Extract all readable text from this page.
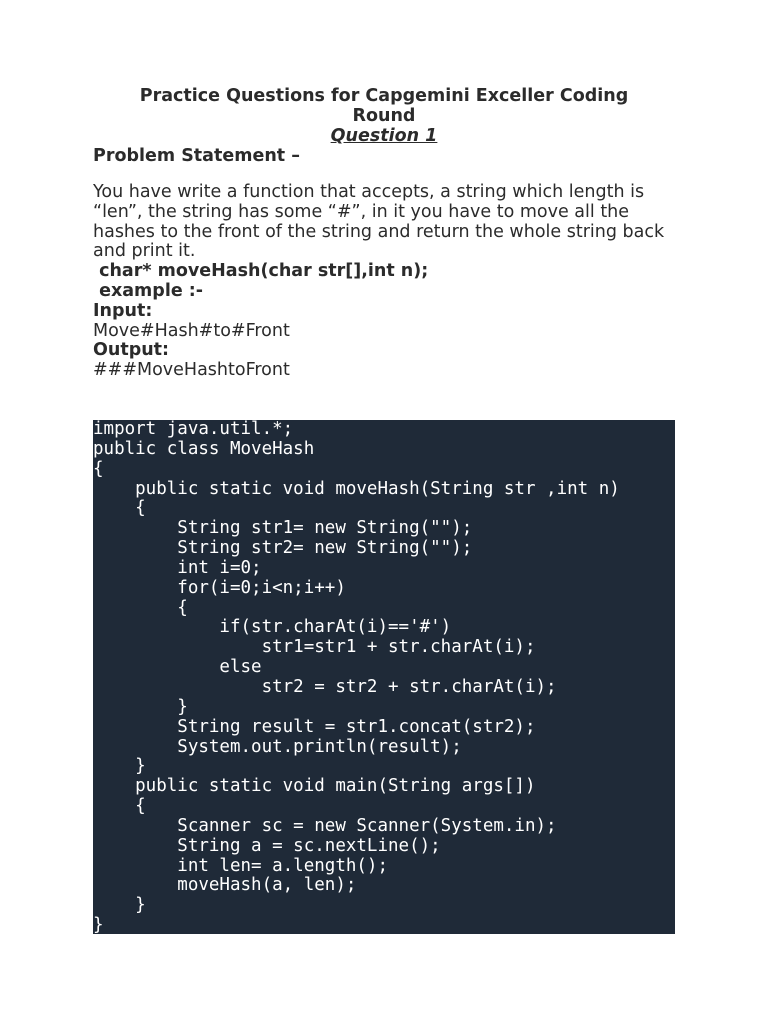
Practice Questions for Capgemini Exceller Coding
Round

Question 1

Problem Statement –

You have write a function that accepts, a string which length is “len”, the string has some “#”, in it you have to move all the hashes to the front of the string and return the whole string back and print it.

char* moveHash(char str[],int n);

example :-

Input:

Move#Hash#to#Front

Output:

###MoveHashtoFront

import java.util.*;

public class MoveHash

{

public static void moveHash(String str ,int n)

{

String str1= new String("");

String str2= new String("");

int i=0;

for(i=0;i<n;i++)

{

if(str.charAt(i)=='#')

str1=str1 + str.charAt(i);

else

str2 = str2 + str.charAt(i);

}

String result = str1.concat(str2);

System.out.println(result);

}

public static void main(String args[])

{

Scanner sc = new Scanner(System.in);

String a = sc.nextLine();

int len= a.length();

moveHash(a, len);

}

}
